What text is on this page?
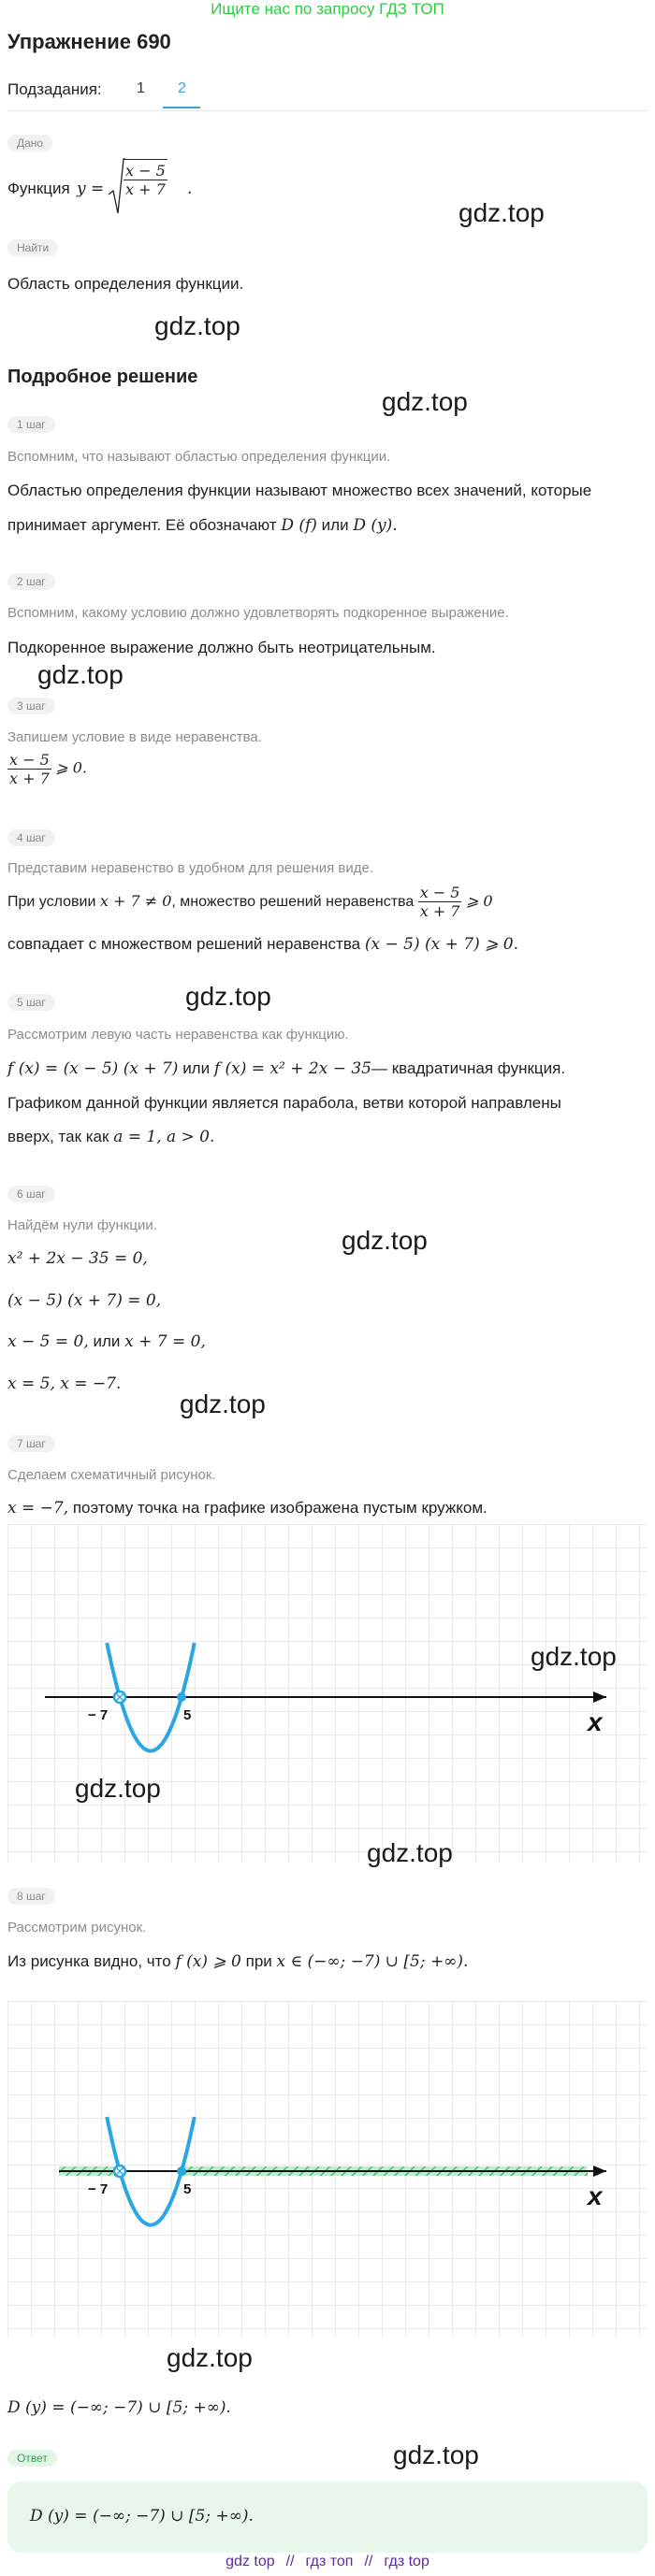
Ищите нас по запросу ГДЗ ТОП
Упражнение 690
Подзадания: 1 2
Дано
Функция $y = \frac{x - 5}{x + 7}$ .
Найти
Область определения функции.
Подробное решение
1 шаг
Вспомним, что называют областью определения функции.
Областью определения функции называют множество всех значений, которые
принимает аргумент. Её обозначают D (f) или D (y).
2 шаг
Вспомним, какому условию должно удовлетворять подкоренное выражение.
Подкоренное выражение должно быть неотрицательным.
3 шаг
Запишем условие в виде неравенства.
$\frac{x - 5}{x + 7}$ ⩾ 0.
4 шаг
Представим неравенство в удобном для решения виде.
При условии x + 7 ≠ 0, множество решений неравенства $\frac{x - 5}{x + 7}$ ⩾ 0
совпадает с множеством решений неравенства (x − 5) (x + 7) ⩾ 0.
5 шаг
Рассмотрим левую часть неравенства как функцию.
f (x) = (x − 5) (x + 7) или f (x) = x² + 2x − 35— квадратичная функция.
Графиком данной функции является парабола, ветви которой направлены
вверх, так как a = 1, a > 0.
6 шаг
Найдём нули функции.
x² + 2x − 35 = 0,
(x − 5) (x + 7) = 0,
x − 5 = 0, или x + 7 = 0,
x = 5, x = −7.
7 шаг
Сделаем схематичный рисунок.
x = −7, поэтому точка на графике изображена пустым кружком.
x
− 7	5
8 шаг
Рассмотрим рисунок.
Из рисунка видно, что f (x) ⩾ 0 при x ∈ (−∞; −7) ∪ [5; +∞).
x
− 7	5
D (y) = (−∞; −7) ∪ [5; +∞).
Ответ
D (y) = (−∞; −7) ∪ [5; +∞).
gdz.top
gdz.top
gdz.top
gdz.top
gdz.top
gdz.top
gdz.top
gdz.top
gdz.top
gdz.top
gdz.top
gdz.top
gdz top // гдз топ // гдз top
